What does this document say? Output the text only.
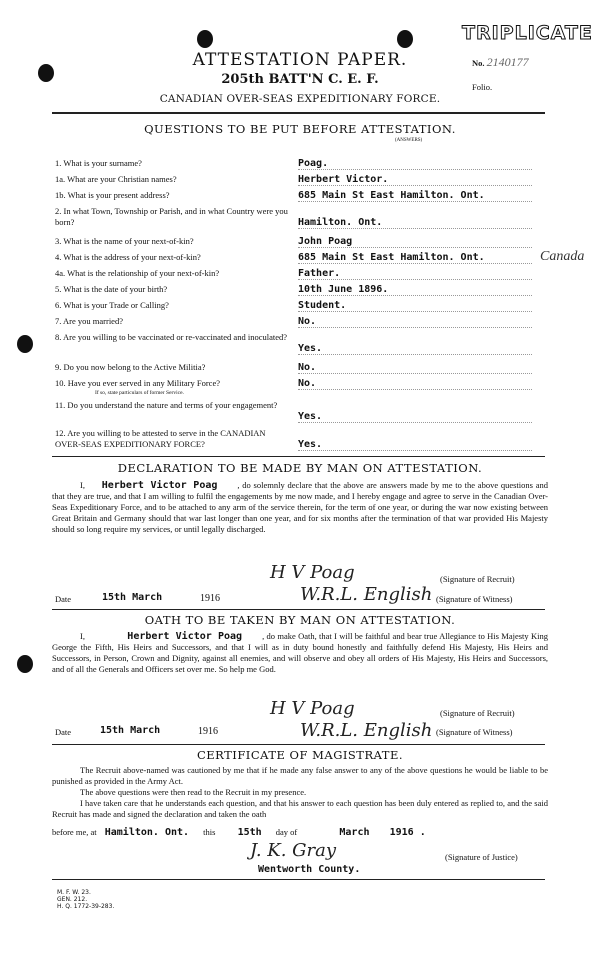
TRIPLICATE
No. 2140177
Folio.
ATTESTATION PAPER.
205th BATT'N C. E. F.
CANADIAN OVER-SEAS EXPEDITIONARY FORCE.
QUESTIONS TO BE PUT BEFORE ATTESTATION.
(ANSWERS)
1. What is your surname?	Poag.
1a. What are your Christian names?	Herbert Victor.
1b. What is your present address?	685 Main St East Hamilton. Ont.
2. In what Town, Township or Parish, and in what Country were you born?	Hamilton. Ont.
3. What is the name of your next-of-kin?	John Poag
4. What is the address of your next-of-kin?	685 Main St East Hamilton. Ont.
4a. What is the relationship of your next-of-kin?	Father.
5. What is the date of your birth?	10th June 1896.
6. What is your Trade or Calling?	Student.
7. Are you married?	No.
8. Are you willing to be vaccinated or re-vaccinated and inoculated?
Yes.
9. Do you now belong to the Active Militia?	No.
10. Have you ever served in any Military Force?	No.
11. Do you understand the nature and terms of your engagement?
Yes.
12. Are you willing to be attested to serve in the CANADIAN OVER-SEAS EXPEDITIONARY FORCE?	Yes.
Canada
If so, state particulars of former Service.
DECLARATION TO BE MADE BY MAN ON ATTESTATION.
I, Herbert Victor Poag , do solemnly declare that the above are answers made by me to the above questions and that they are true, and that I am willing to fulfil the engagements by me now made, and I hereby engage and agree to serve in the Canadian Over-Seas Expeditionary Force, and to be attached to any arm of the service therein, for the term of one year, or during the war now existing between Great Britain and Germany should that war last longer than one year, and for six months after the termination of that war provided His Majesty should so long require my services, or until legally discharged.
H V Poag	(Signature of Recruit)
Date	15th March	1916	W.R.L. English (Signature of Witness)
OATH TO BE TAKEN BY MAN ON ATTESTATION.
I,	Herbert Victor Poag , do make Oath, that I will be faithful and bear true Allegiance to His Majesty King George the Fifth, His Heirs and Successors, and that I will as in duty bound honestly and faithfully defend His Majesty, His Heirs and Successors, in Person, Crown and Dignity, against all enemies, and will observe and obey all orders of His Majesty, His Heirs and Successors, and of all the Generals and Officers set over me. So help me God.
H V Poag	(Signature of Recruit)
Date	15th March	1916	W.R.L. English (Signature of Witness)
CERTIFICATE OF MAGISTRATE.
The Recruit above-named was cautioned by me that if he made any false answer to any of the above questions he would be liable to be punished as provided in the Army Act.
The above questions were then read to the Recruit in my presence.
I have taken care that he understands each question, and that his answer to each question has been duly entered as replied to, and the said Recruit has made and signed the declaration and taken the oath
before me, at Hamilton. Ont. this 15th day of	March 1916 .
J. K. Gray	(Signature of Justice)
Wentworth County.
M. F. W. 23.
GEN. 212.
H. Q. 1772-39-283.
